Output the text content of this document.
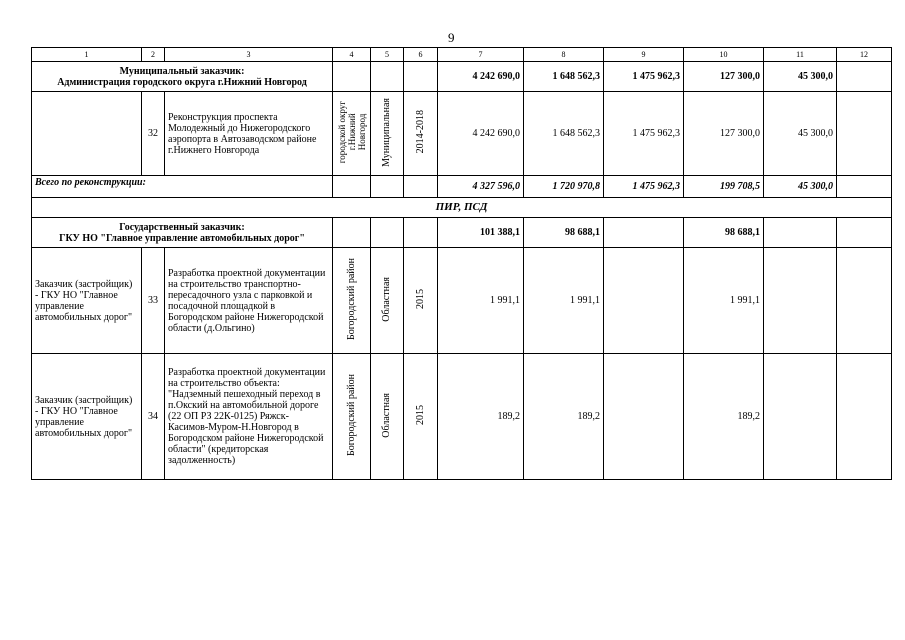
9
1	2	3	4	5	6	7	8	9	10	11	12

Муниципальный заказчик:
Администрация городского округа г.Нижний Новгород						4 242 690,0	1 648 562,3	1 475 962,3	127 300,0	45 300,0	
	32	Реконструкция проспекта Молодежный до Нижегородского аэропорта в Автозаводском районе г.Нижнего Новгорода	городской округ
г.Нижний
Новгород	Муниципальная	2014-2018	4 242 690,0	1 648 562,3	1 475 962,3	127 300,0	45 300,0	
Всего по реконструкции:						4 327 596,0	1 720 970,8	1 475 962,3	199 708,5	45 300,0	
ПИР, ПСД											

Государственный заказчик:
ГКУ НО "Главное управление автомобильных дорог"						101 388,1	98 688,1		98 688,1		
Заказчик (застройщик) - ГКУ НО "Главное управление автомобильных дорог"	33	Разработка проектной документации на строительство транспортно-пересадочного узла с парковкой и посадочной площадкой в Богородском районе Нижегородской области (д.Ольгино)	Богородский район	Областная	2015	1 991,1	1 991,1		1 991,1		
Заказчик (застройщик) - ГКУ НО "Главное управление автомобильных дорог"	34	Разработка проектной документации на строительство объекта: "Надземный пешеходный переход в п.Окский на автомобильной дороге (22 ОП РЗ 22К-0125) Ряжск-Касимов-Муром-Н.Новгород в Богородском районе Нижегородской области" (кредиторская задолженность)	Богородский район	Областная	2015	189,2	189,2		189,2		
